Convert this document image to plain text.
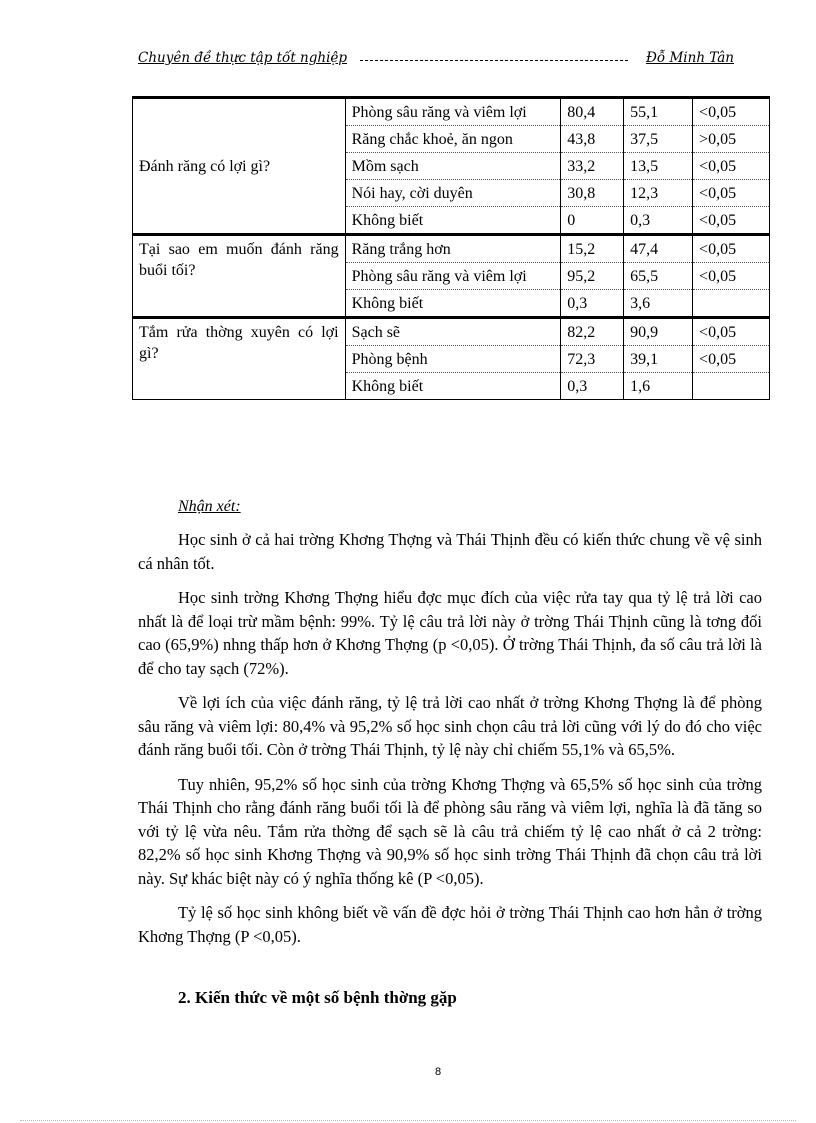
Chuyên đề thực tập tốt nghiệp	Đỗ Minh Tân
Đánh răng có lợi gì?	Phòng sâu răng và viêm lợi	80,4	55,1	<0,05
	Răng chắc khoẻ, ăn ngon	43,8	37,5	>0,05
	Mồm sạch	33,2	13,5	<0,05
	Nói hay, cời duyên	30,8	12,3	<0,05
	Không biết	0	0,3	<0,05
Tại sao em muốn đánh răng buổi tối?	Răng trắng hơn	15,2	47,4	<0,05
	Phòng sâu răng và viêm lợi	95,2	65,5	<0,05
	Không biết	0,3	3,6	
Tắm rửa thờng xuyên có lợi gì?	Sạch sẽ	82,2	90,9	<0,05
	Phòng bệnh	72,3	39,1	<0,05
	Không biết	0,3	1,6	
Nhận xét:

Học sinh ở cả hai trờng Khơng Thợng và Thái Thịnh đều có kiến thức chung về vệ sinh cá nhân tốt.

Học sinh trờng Khơng Thợng hiểu đợc mục đích của việc rửa tay qua tỷ lệ trả lời cao nhất là để loại trừ mầm bệnh: 99%. Tỷ lệ câu trả lời này ở trờng Thái Thịnh cũng là tơng đối cao (65,9%) nhng thấp hơn ở Khơng Thợng (p <0,05). Ở trờng Thái Thịnh, đa số câu trả lời là để cho tay sạch (72%).

Về lợi ích của việc đánh răng, tỷ lệ trả lời cao nhất ở trờng Khơng Thợng là để phòng sâu răng và viêm lợi: 80,4% và 95,2% số học sinh chọn câu trả lời cũng với lý do đó cho việc đánh răng buổi tối. Còn ở trờng Thái Thịnh, tỷ lệ này chỉ chiếm 55,1% và 65,5%.

Tuy nhiên, 95,2% số học sinh của trờng Khơng Thợng và 65,5% số học sinh của trờng Thái Thịnh cho rằng đánh răng buổi tối là để phòng sâu răng và viêm lợi, nghĩa là đã tăng so với tỷ lệ vừa nêu. Tắm rửa thờng để sạch sẽ là câu trả chiếm tỷ lệ cao nhất ở cả 2 trờng: 82,2% số học sinh Khơng Thợng và 90,9% số học sinh trờng Thái Thịnh đã chọn câu trả lời này. Sự khác biệt này có ý nghĩa thống kê (P <0,05).

Tỷ lệ số học sinh không biết về vấn đề đợc hỏi ở trờng Thái Thịnh cao hơn hẳn ở trờng Khơng Thợng (P <0,05).

2. Kiến thức về một số bệnh thờng gặp
8
